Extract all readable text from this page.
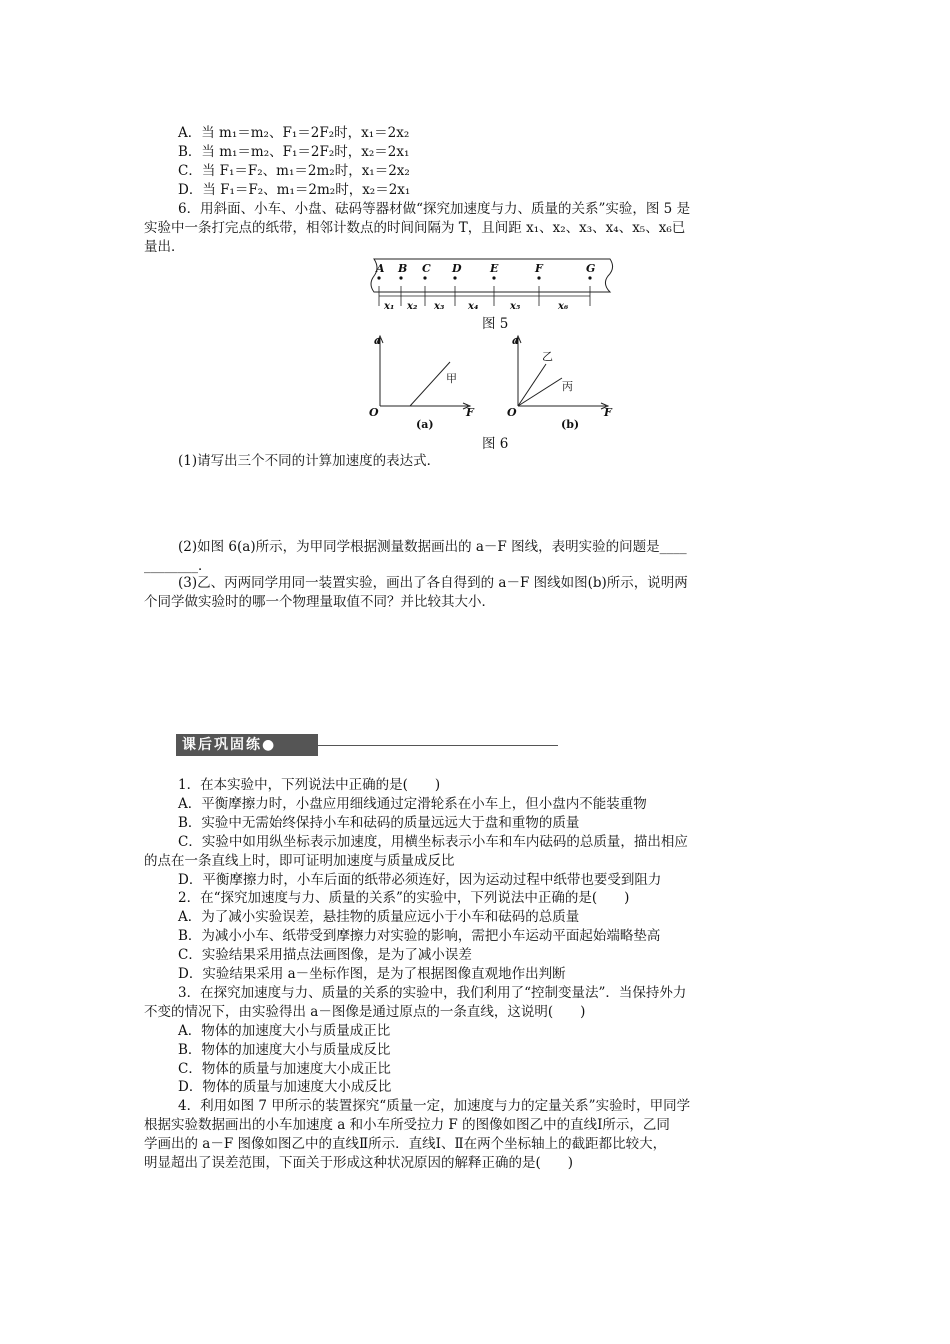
A．当 m₁＝m₂、F₁＝2F₂时，x₁＝2x₂
B．当 m₁＝m₂、F₁＝2F₂时，x₂＝2x₁
C．当 F₁＝F₂、m₁＝2m₂时，x₁＝2x₂
D．当 F₁＝F₂、m₁＝2m₂时，x₂＝2x₁
6．用斜面、小车、小盘、砝码等器材做“探究加速度与力、质量的关系”实验，图 5 是
实验中一条打完点的纸带，相邻计数点的时间间隔为 T，且间距 x₁、x₂、x₃、x₄、x₅、x₆已
量出．
A B C D	E	F	G
x₁ x₂ x₃ x₄	x₅	x₆
图 5
a
F
O
甲
(a)
a
F
O
乙
丙
(b)
图 6
(1)请写出三个不同的计算加速度的表达式．
(2)如图 6(a)所示，为甲同学根据测量数据画出的 a－F 图线，表明实验的问题是____
________．
(3)乙、丙两同学用同一装置实验，画出了各自得到的 a－F 图线如图(b)所示，说明两
个同学做实验时的哪一个物理量取值不同？并比较其大小．
课后巩固练●
1．在本实验中，下列说法中正确的是(　　)
A．平衡摩擦力时，小盘应用细线通过定滑轮系在小车上，但小盘内不能装重物
B．实验中无需始终保持小车和砝码的质量远远大于盘和重物的质量
C．实验中如用纵坐标表示加速度，用横坐标表示小车和车内砝码的总质量，描出相应
的点在一条直线上时，即可证明加速度与质量成反比
D．平衡摩擦力时，小车后面的纸带必须连好，因为运动过程中纸带也要受到阻力
2．在“探究加速度与力、质量的关系”的实验中，下列说法中正确的是(　　)
A．为了减小实验误差，悬挂物的质量应远小于小车和砝码的总质量
B．为减小小车、纸带受到摩擦力对实验的影响，需把小车运动平面起始端略垫高
C．实验结果采用描点法画图像，是为了减小误差
D．实验结果采用 a－坐标作图，是为了根据图像直观地作出判断
3．在探究加速度与力、质量的关系的实验中，我们利用了“控制变量法”．当保持外力
不变的情况下，由实验得出 a－图像是通过原点的一条直线，这说明(　　)
A．物体的加速度大小与质量成正比
B．物体的加速度大小与质量成反比
C．物体的质量与加速度大小成正比
D．物体的质量与加速度大小成反比
4．利用如图 7 甲所示的装置探究“质量一定，加速度与力的定量关系”实验时，甲同学
根据实验数据画出的小车加速度 a 和小车所受拉力 F 的图像如图乙中的直线Ⅰ所示，乙同
学画出的 a－F 图像如图乙中的直线Ⅱ所示．直线Ⅰ、Ⅱ在两个坐标轴上的截距都比较大，
明显超出了误差范围，下面关于形成这种状况原因的解释正确的是(　　)
